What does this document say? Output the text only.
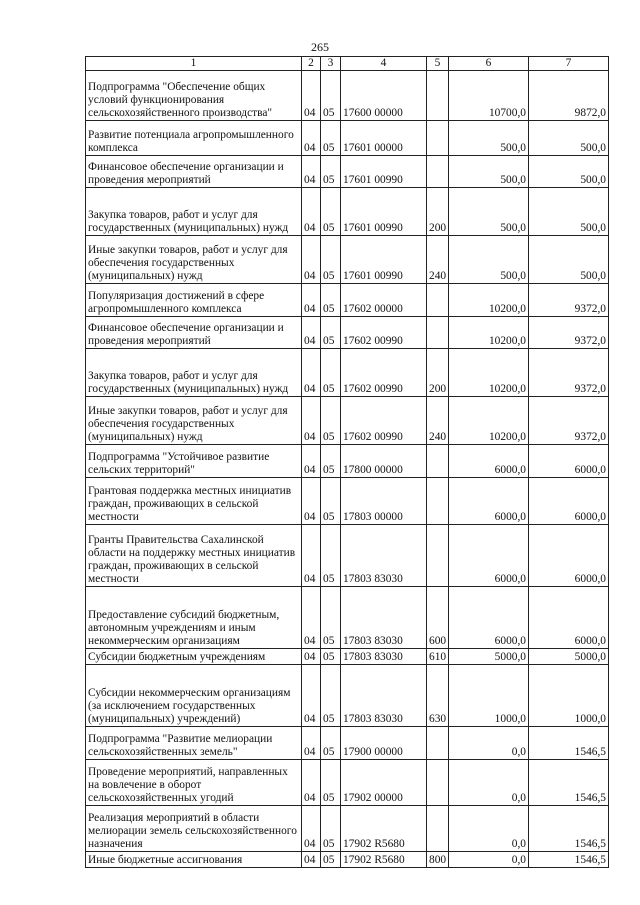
265
1	2	3	4	5	6	7
Подпрограмма "Обеспечение общих условий функционирования сельскохозяйственного производства"	04	05	17600 00000		10700,0	9872,0
Развитие потенциала агропромышленного комплекса	04	05	17601 00000		500,0	500,0
Финансовое обеспечение организации и проведения мероприятий	04	05	17601 00990		500,0	500,0
Закупка товаров, работ и услуг для государственных (муниципальных) нужд	04	05	17601 00990	200	500,0	500,0
Иные закупки товаров, работ и услуг для обеспечения государственных (муниципальных) нужд	04	05	17601 00990	240	500,0	500,0
Популяризация достижений в сфере агропромышленного комплекса	04	05	17602 00000		10200,0	9372,0
Финансовое обеспечение организации и проведения мероприятий	04	05	17602 00990		10200,0	9372,0
Закупка товаров, работ и услуг для государственных (муниципальных) нужд	04	05	17602 00990	200	10200,0	9372,0
Иные закупки товаров, работ и услуг для обеспечения государственных (муниципальных) нужд	04	05	17602 00990	240	10200,0	9372,0
Подпрограмма "Устойчивое развитие сельских территорий"	04	05	17800 00000		6000,0	6000,0
Грантовая поддержка местных инициатив граждан, проживающих в сельской местности	04	05	17803 00000		6000,0	6000,0
Гранты Правительства Сахалинской области на поддержку местных инициатив граждан, проживающих в сельской местности	04	05	17803 83030		6000,0	6000,0
Предоставление субсидий бюджетным, автономным учреждениям и иным некоммерческим организациям	04	05	17803 83030	600	6000,0	6000,0
Субсидии бюджетным учреждениям	04	05	17803 83030	610	5000,0	5000,0
Субсидии некоммерческим организациям (за исключением государственных (муниципальных) учреждений)	04	05	17803 83030	630	1000,0	1000,0
Подпрограмма "Развитие мелиорации сельскохозяйственных земель"	04	05	17900 00000		0,0	1546,5
Проведение мероприятий, направленных на вовлечение в оборот сельскохозяйственных угодий	04	05	17902 00000		0,0	1546,5
Реализация мероприятий в области мелиорации земель сельскохозяйственного назначения	04	05	17902 R5680		0,0	1546,5
Иные бюджетные ассигнования	04	05	17902 R5680	800	0,0	1546,5
